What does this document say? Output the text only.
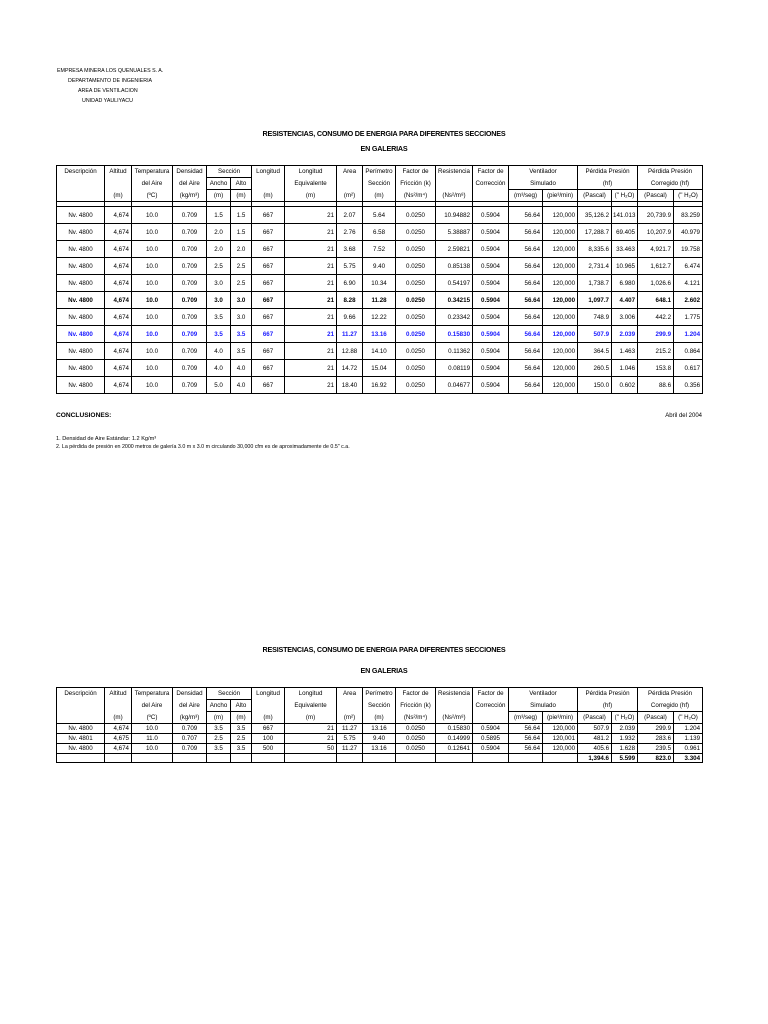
EMPRESA MINERA LOS QUENUALES S. A.
DEPARTAMENTO DE INGENIERIA
AREA DE VENTILACION
UNIDAD YAULIYACU
RESISTENCIAS, CONSUMO DE ENERGIA PARA DIFERENTES SECCIONES
EN GALERIAS
Descripción	Altitud	Temperatura	Densidad	Sección		Longitud	Longitud	Area	Perímetro	Factor de	Resistencia	Factor de	Ventilador		Pérdida Presión		Pérdida Presión	
		del Aire	del Aire	Ancho	Alto		Equivalente		Sección	Fricción (k)		Corrección	Simulado		(hf)		Corregido (hf)	
	(m)	(ºC)	(kg/m³)	(m)	(m)	(m)	(m)	(m²)	(m)	(Ns²/m⁴)	(Ns²/m⁸)		(m³/seg)	(pie³/min)	(Pascal)	(" H₂O)	(Pascal)	(" H₂O)

Nv. 4800	4,674	10.0	0.709	1.5	1.5	667	21	2.07	5.64	0.0250	10.94882	0.5904	56.64	120,000	35,126.2	141.013	20,739.9	83.259
Nv. 4800	4,674	10.0	0.709	2.0	1.5	667	21	2.76	6.58	0.0250	5.38887	0.5904	56.64	120,000	17,288.7	69.405	10,207.9	40.979
Nv. 4800	4,674	10.0	0.709	2.0	2.0	667	21	3.68	7.52	0.0250	2.59821	0.5904	56.64	120,000	8,335.6	33.463	4,921.7	19.758
Nv. 4800	4,674	10.0	0.709	2.5	2.5	667	21	5.75	9.40	0.0250	0.85138	0.5904	56.64	120,000	2,731.4	10.965	1,612.7	6.474
Nv. 4800	4,674	10.0	0.709	3.0	2.5	667	21	6.90	10.34	0.0250	0.54197	0.5904	56.64	120,000	1,738.7	6.980	1,026.6	4.121
Nv. 4800	4,674	10.0	0.709	3.0	3.0	667	21	8.28	11.28	0.0250	0.34215	0.5904	56.64	120,000	1,097.7	4.407	648.1	2.602
Nv. 4800	4,674	10.0	0.709	3.5	3.0	667	21	9.66	12.22	0.0250	0.23342	0.5904	56.64	120,000	748.9	3.006	442.2	1.775
Nv. 4800	4,674	10.0	0.709	3.5	3.5	667	21	11.27	13.16	0.0250	0.15830	0.5904	56.64	120,000	507.9	2.039	299.9	1.204
Nv. 4800	4,674	10.0	0.709	4.0	3.5	667	21	12.88	14.10	0.0250	0.11362	0.5904	56.64	120,000	364.5	1.463	215.2	0.864
Nv. 4800	4,674	10.0	0.709	4.0	4.0	667	21	14.72	15.04	0.0250	0.08119	0.5904	56.64	120,000	260.5	1.046	153.8	0.617
Nv. 4800	4,674	10.0	0.709	5.0	4.0	667	21	18.40	16.92	0.0250	0.04677	0.5904	56.64	120,000	150.0	0.602	88.6	0.356
CONCLUSIONES:	Abril del 2004
1. Densidad de Aire Estándar: 1.2 Kg/m³
2. La pérdida de presión en 2000 metros de galería 3.0 m x 3.0 m circulando 30,000 cfm es de aproximadamente de 0.5" c.a.
RESISTENCIAS, CONSUMO DE ENERGIA PARA DIFERENTES SECCIONES
EN GALERIAS
Descripción	Altitud	Temperatura	Densidad	Sección		Longitud	Longitud	Area	Perímetro	Factor de	Resistencia	Factor de	Ventilador		Pérdida Presión		Pérdida Presión	
		del Aire	del Aire	Ancho	Alto		Equivalente		Sección	Fricción (k)		Corrección	Simulado		(hf)		Corregido (hf)	
	(m)	(ºC)	(kg/m³)	(m)	(m)	(m)	(m)	(m²)	(m)	(Ns²/m⁴)	(Ns²/m⁸)		(m³/seg)	(pie³/min)	(Pascal)	(" H₂O)	(Pascal)	(" H₂O)
Nv. 4800	4,674	10.0	0.709	3.5	3.5	667	21	11.27	13.16	0.0250	0.15830	0.5904	56.64	120,000	507.9	2.039	299.9	1.204
Nv. 4801	4,675	11.0	0.707	2.5	2.5	100	21	5.75	9.40	0.0250	0.14999	0.5895	56.64	120,001	481.2	1.932	283.6	1.139
Nv. 4800	4,674	10.0	0.709	3.5	3.5	500	50	11.27	13.16	0.0250	0.12641	0.5904	56.64	120,000	405.6	1.628	239.5	0.961
															1,394.6	5.599	823.0	3.304
